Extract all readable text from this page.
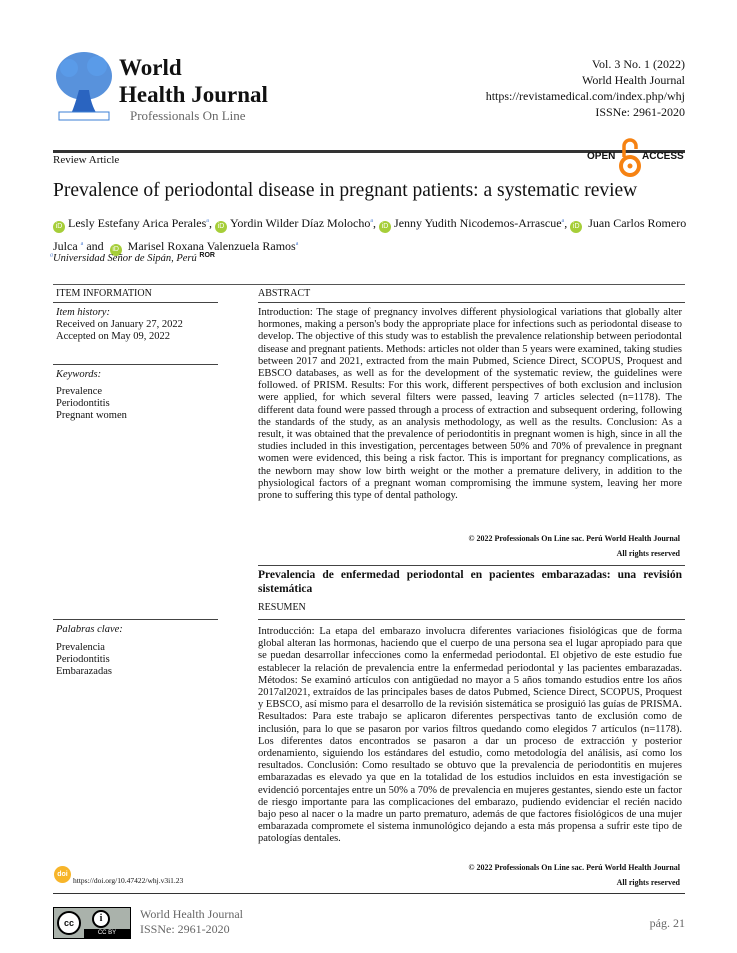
World
Health Journal
Professionals On Line
Vol. 3 No. 1 (2022)
World Health Journal
https://revistamedical.com/index.php/whj
ISSNe: 2961-2020
Review Article	OPEN	ACCESS
Prevalence of periodontal disease in pregnant patients: a systematic review
iD Lesly Estefany Arica Perales$^a$, iD Yordin Wilder Díaz Molocho$^a$, iD Jenny Yudith Nicodemos-Arrascue$^a$, iD Juan Carlos Romero Julca $^a$ and iD Marisel Roxana Valenzuela Ramos$^a$
$^a$Universidad Señor de Sipán, Perú $^{ROR}$
ITEM INFORMATION	ABSTRACT
Item history:
Received on January 27, 2022
Accepted on May 09, 2022
Keywords:
Prevalence
Periodontitis
Pregnant women
Introduction: The stage of pregnancy involves different physiological variations that globally alter hormones, making a person's body the appropriate place for infections such as periodontal disease to develop. The objective of this study was to establish the prevalence relationship between periodontal disease and pregnant patients. Methods: articles not older than 5 years were examined, taking studies between 2017 and 2021, extracted from the main Pubmed, Science Direct, SCOPUS, Proquest and EBSCO databases, as well as for the development of the systematic review, the guidelines were followed. of PRISM. Results: For this work, different perspectives of both exclusion and inclusion were applied, for which several filters were passed, leaving 7 articles selected (n=1178). The different data found were passed through a process of extraction and subsequent ordering, following the standards of the study, as an analysis methodology, as well as the results. Conclusion: As a result, it was obtained that the prevalence of periodontitis in pregnant women is high, since in all the studies included in this investigation, percentages between 50% and 70% of prevalence in pregnant women were evidenced, this being a risk factor. This is important for pregnancy complications, as the newborn may show low birth weight or the mother a premature delivery, in addition to the physiological factors of a pregnant woman compromising the immune system, leaving her more prone to suffering this type of dental pathology.
© 2022 Professionals On Line sac. Perú World Health Journal
All rights reserved
Prevalencia de enfermedad periodontal en pacientes embarazadas: una revisión sistemática
RESUMEN
Palabras clave:
Prevalencia
Periodontitis
Embarazadas
Introducción: La etapa del embarazo involucra diferentes variaciones fisiológicas que de forma global alteran las hormonas, haciendo que el cuerpo de una persona sea el lugar apropiado para que se puedan desarrollar infecciones como la enfermedad periodontal. El objetivo de este estudio fue establecer la relación de prevalencia entre la enfermedad periodontal y las pacientes embarazadas. Métodos: Se examinó artículos con antigüedad no mayor a 5 años tomando estudios entre los años 2017al2021, extraídos de las principales bases de datos Pubmed, Science Direct, SCOPUS, Proquest y EBSCO, así mismo para el desarrollo de la revisión sistemática se prosiguió las guías de PRISMA. Resultados: Para este trabajo se aplicaron diferentes perspectivas tanto de exclusión como de inclusión, para lo que se pasaron por varios filtros quedando como elegidos 7 artículos (n=1178). Los diferentes datos encontrados se pasaron a dar un proceso de extracción y posterior ordenamiento, siguiendo los estándares del estudio, como metodología del análisis, así como los resultados. Conclusión: Como resultado se obtuvo que la prevalencia de periodontitis en mujeres embarazadas es elevado ya que en la totalidad de los estudios incluidos en esta investigación se evidenció porcentajes entre un 50% a 70% de prevalencia en mujeres gestantes, siendo este un factor de riesgo importante para las complicaciones del embarazo, pudiendo evidenciar el recién nacido bajo peso al nacer o la madre un parto prematuro, además de que factores fisiológicos de una mujer embarazada compromete el sistema inmunológico dejando a esta más propensa a sufrir este tipo de patologías dentales.
© 2022 Professionals On Line sac. Perú World Health Journal
All rights reserved
doi
https://doi.org/10.47422/whj.v3i1.23
cc	i
CC BY
World Health Journal
ISSNe: 2961-2020	pág. 21
